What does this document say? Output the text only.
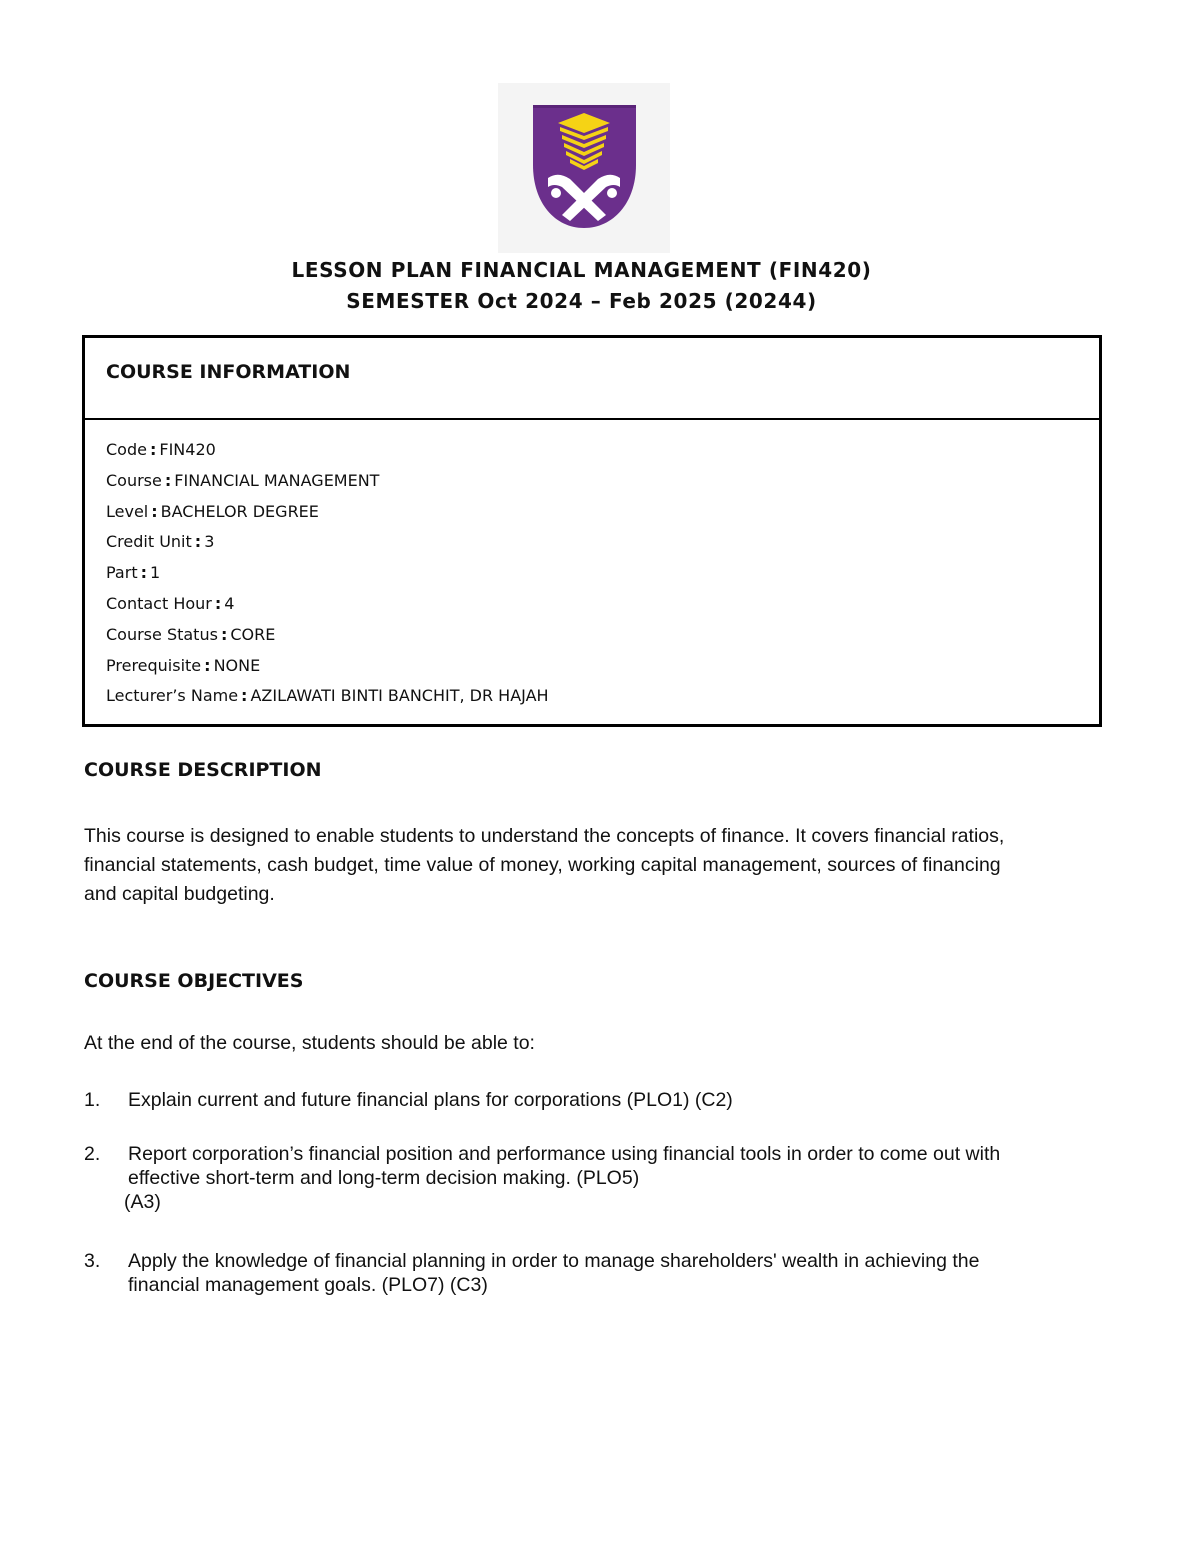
LESSON PLAN FINANCIAL MANAGEMENT (FIN420)
SEMESTER Oct 2024 – Feb 2025 (20244)
COURSE INFORMATION
Code : FIN420
Course : FINANCIAL MANAGEMENT
Level : BACHELOR DEGREE
Credit Unit : 3
Part : 1
Contact Hour : 4
Course Status : CORE
Prerequisite : NONE
Lecturer’s Name : AZILAWATI BINTI BANCHIT, DR HAJAH
COURSE DESCRIPTION

This course is designed to enable students to understand the concepts of finance. It covers financial ratios,
financial statements, cash budget, time value of money, working capital management, sources of financing
and capital budgeting.

COURSE OBJECTIVES

At the end of the course, students should be able to:

1. Explain current and future financial plans for corporations (PLO1) (C2)
2. Report corporation’s financial position and performance using financial tools in order to come out with
effective short-term and long-term decision making. (PLO5)
(A3)
3. Apply the knowledge of financial planning in order to manage shareholders' wealth in achieving the
financial management goals. (PLO7) (C3)
